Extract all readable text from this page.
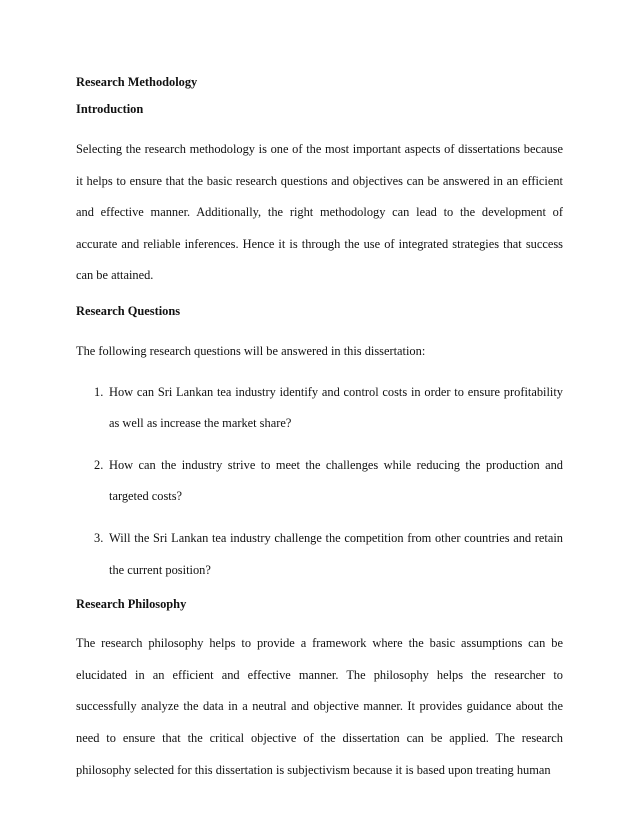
Research Methodology

Introduction

Selecting the research methodology is one of the most important aspects of dissertations because it helps to ensure that the basic research questions and objectives can be answered in an efficient and effective manner. Additionally, the right methodology can lead to the development of accurate and reliable inferences. Hence it is through the use of integrated strategies that success can be attained.

Research Questions

The following research questions will be answered in this dissertation:

1. How can Sri Lankan tea industry identify and control costs in order to ensure profitability as well as increase the market share?
2. How can the industry strive to meet the challenges while reducing the production and targeted costs?
3. Will the Sri Lankan tea industry challenge the competition from other countries and retain the current position?

Research Philosophy

The research philosophy helps to provide a framework where the basic assumptions can be elucidated in an efficient and effective manner. The philosophy helps the researcher to successfully analyze the data in a neutral and objective manner. It provides guidance about the need to ensure that the critical objective of the dissertation can be applied. The research philosophy selected for this dissertation is subjectivism because it is based upon treating human
